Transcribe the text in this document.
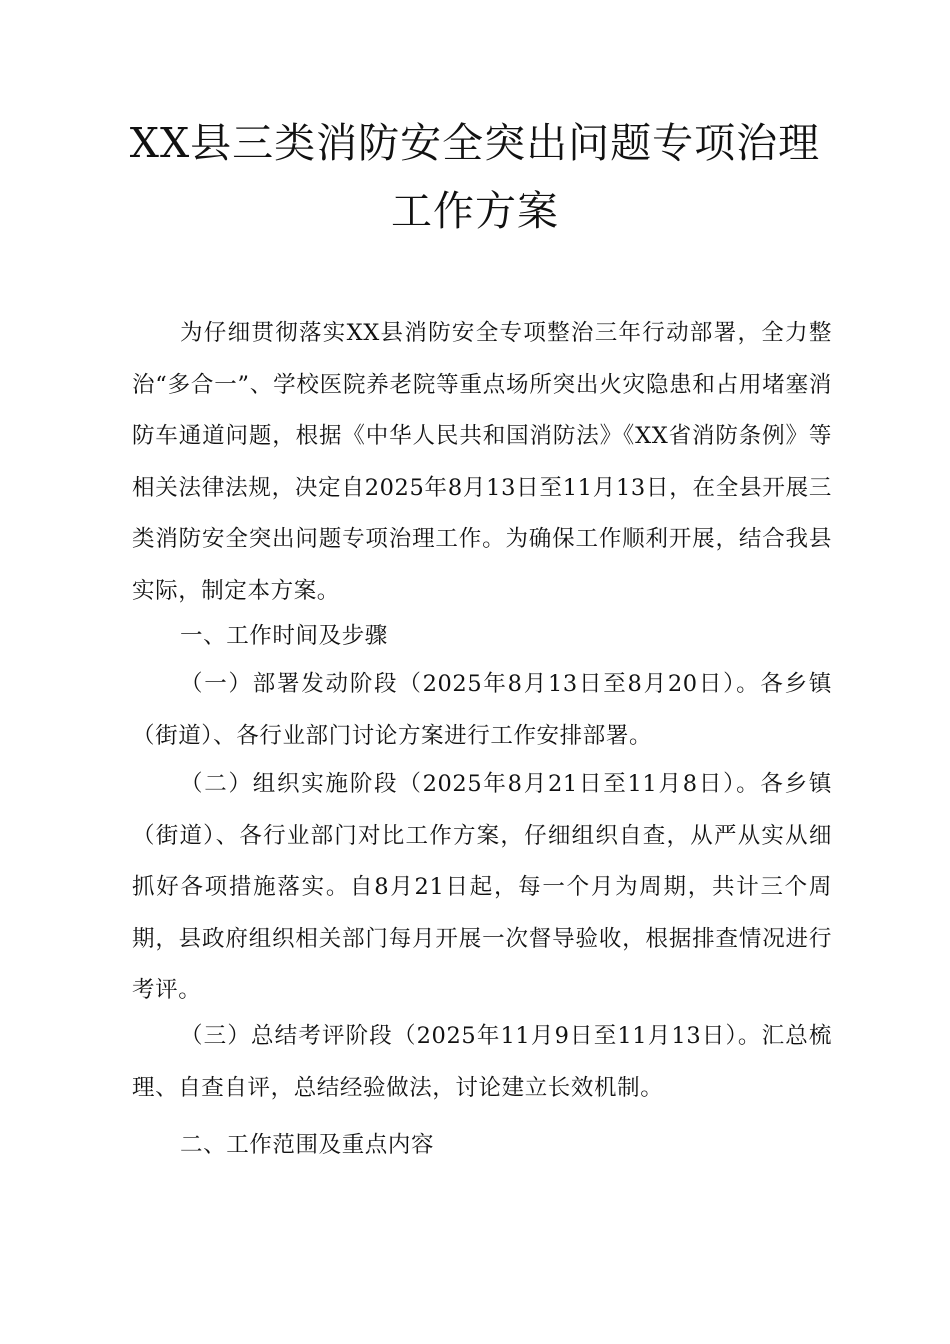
XX县三类消防安全突出问题专项治理
工作方案

为仔细贯彻落实XX县消防安全专项整治三年行动部署，全力整治“多合一”、学校医院养老院等重点场所突出火灾隐患和占用堵塞消防车通道问题，根据《中华人民共和国消防法》《XX省消防条例》等相关法律法规，决定自2025年8月13日至11月13日，在全县开展三类消防安全突出问题专项治理工作。为确保工作顺利开展，结合我县实际，制定本方案。

一、工作时间及步骤

（一）部署发动阶段（2025年8月13日至8月20日）。各乡镇（街道）、各行业部门讨论方案进行工作安排部署。

（二）组织实施阶段（2025年8月21日至11月8日）。各乡镇（街道）、各行业部门对比工作方案，仔细组织自查，从严从实从细抓好各项措施落实。自8月21日起，每一个月为周期，共计三个周期，县政府组织相关部门每月开展一次督导验收，根据排查情况进行考评。

（三）总结考评阶段（2025年11月9日至11月13日）。汇总梳理、自查自评，总结经验做法，讨论建立长效机制。

二、工作范围及重点内容
